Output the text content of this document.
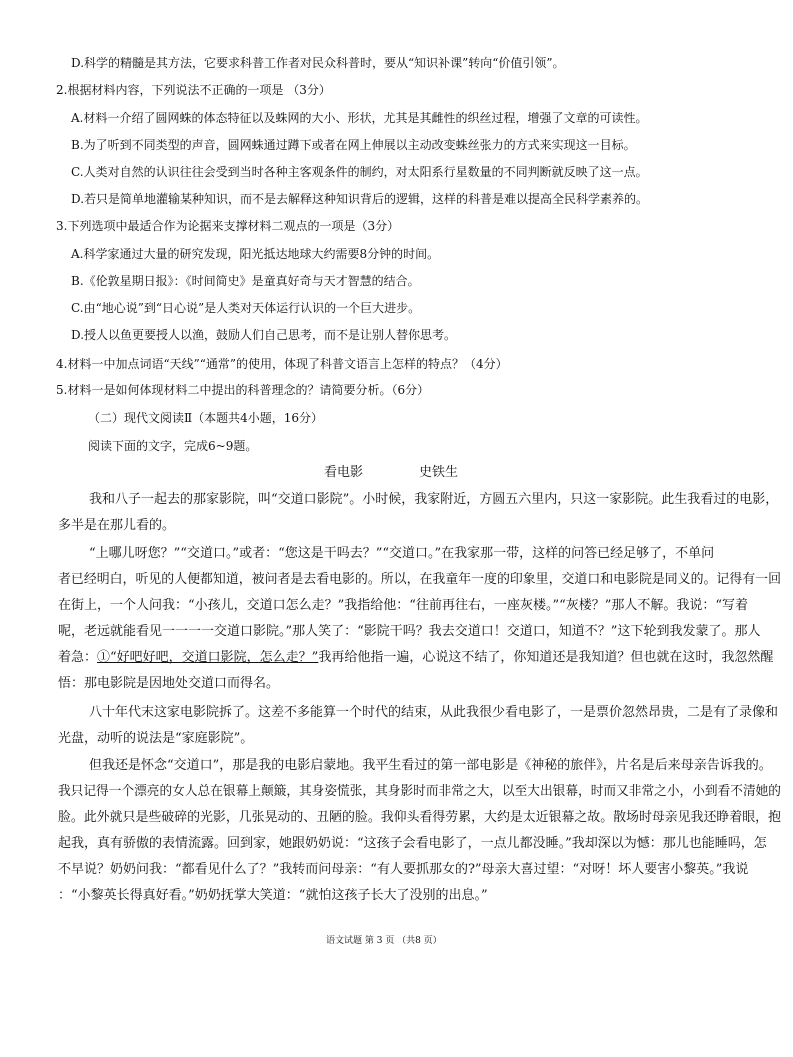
D.科学的精髓是其方法，它要求科普工作者对民众科普时，要从“知识补课”转向“价值引领”。
2.根据材料内容，下列说法不正确的一项是 （3分）
A.材料一介绍了圆网蛛的体态特征以及蛛网的大小、形状，尤其是其雌性的织丝过程，增强了文章的可读性。
B.为了听到不同类型的声音，圆网蛛通过蹲下或者在网上伸展以主动改变蛛丝张力的方式来实现这一目标。
C.人类对自然的认识往往会受到当时各种主客观条件的制约，对太阳系行星数量的不同判断就反映了这一点。
D.若只是简单地灌输某种知识，而不是去解释这种知识背后的逻辑，这样的科普是难以提高全民科学素养的。
3.下列选项中最适合作为论据来支撑材料二观点的一项是（3分）
A.科学家通过大量的研究发现，阳光抵达地球大约需要8分钟的时间。
B.《伦敦星期日报》：《时间简史》是童真好奇与天才智慧的结合。
C.由“地心说”到“日心说”是人类对天体运行认识的一个巨大进步。
D.授人以鱼更要授人以渔，鼓励人们自己思考，而不是让别人替你思考。
4.材料一中加点词语“天线”“通常”的使用，体现了科普文语言上怎样的特点？（4分）
5.材料一是如何体现材料二中提出的科普理念的？请简要分析。（6分）
（二）现代文阅读Ⅱ（本题共4小题，16分）
阅读下面的文字，完成6~9题。
看电影	史铁生
我和八子一起去的那家影院，叫“交道口影院”。小时候，我家附近，方圆五六里内，只这一家影院。此生我看过的电影，
多半是在那儿看的。
“上哪儿呀您？”“交道口。”或者：“您这是干吗去？”“交道口。”在我家那一带，这样的问答已经足够了，不单问
者已经明白，听见的人便都知道，被问者是去看电影的。所以，在我童年一度的印象里，交道口和电影院是同义的。记得有一回
在街上，一个人问我：“小孩儿，交道口怎么走？”我指给他：“往前再往右，一座灰楼。”“灰楼？”那人不解。我说：“写着
呢，老远就能看见一一一一交道口影院。”那人笑了：“影院干吗？我去交道口！交道口，知道不？”这下轮到我发蒙了。那人
着急：①“好吧好吧，交道口影院，怎么走？”我再给他指一遍，心说这不结了，你知道还是我知道？但也就在这时，我忽然醒
悟：那电影院是因地处交道口而得名。
八十年代末这家电影院拆了。这差不多能算一个时代的结束，从此我很少看电影了，一是票价忽然昂贵，二是有了录像和
光盘，动听的说法是“家庭影院”。
但我还是怀念“交道口”，那是我的电影启蒙地。我平生看过的第一部电影是《神秘的旅伴》，片名是后来母亲告诉我的。
我只记得一个漂亮的女人总在银幕上颠簸，其身姿慌张，其身影时而非常之大，以至大出银幕，时而又非常之小，小到看不清她的
脸。此外就只是些破碎的光影，几张晃动的、丑陋的脸。我仰头看得劳累，大约是太近银幕之故。散场时母亲见我还睁着眼，抱
起我，真有骄傲的表情流露。回到家，她跟奶奶说：“这孩子会看电影了，一点儿都没睡。”我却深以为憾：那儿也能睡吗，怎
不早说？奶奶问我：“都看见什么了？”我转而问母亲：“有人要抓那女的?”母亲大喜过望：“对呀！坏人要害小黎英。”我说
：“小黎英长得真好看。”奶奶抚掌大笑道：“就怕这孩子长大了没别的出息。”
语文试题 第 3 页 （共8 页）
